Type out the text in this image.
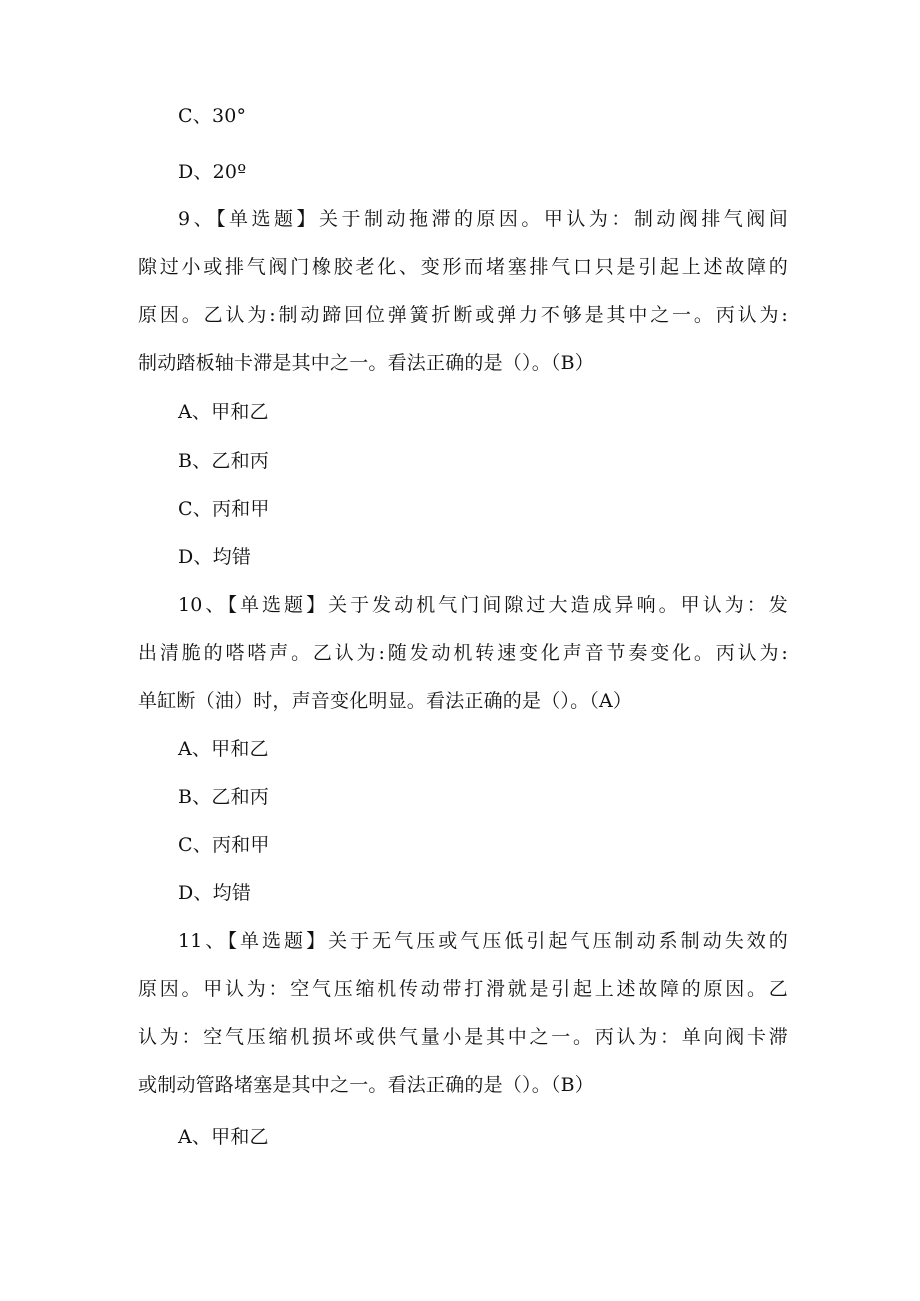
C、30°
D、20º
9、【单选题】关于制动拖滞的原因。甲认为：制动阀排气阀间
隙过小或排气阀门橡胶老化、变形而堵塞排气口只是引起上述故障的
原因。乙认为:制动蹄回位弹簧折断或弹力不够是其中之一。丙认为:
制动踏板轴卡滞是其中之一。看法正确的是（）。（B）
A、甲和乙
B、乙和丙
C、丙和甲
D、均错
10、【单选题】关于发动机气门间隙过大造成异响。甲认为：发
出清脆的嗒嗒声。乙认为:随发动机转速变化声音节奏变化。丙认为:
单缸断（油）时，声音变化明显。看法正确的是（）。（A）
A、甲和乙
B、乙和丙
C、丙和甲
D、均错
11、【单选题】关于无气压或气压低引起气压制动系制动失效的
原因。甲认为：空气压缩机传动带打滑就是引起上述故障的原因。乙
认为：空气压缩机损坏或供气量小是其中之一。丙认为：单向阀卡滞
或制动管路堵塞是其中之一。看法正确的是（）。（B）
A、甲和乙
